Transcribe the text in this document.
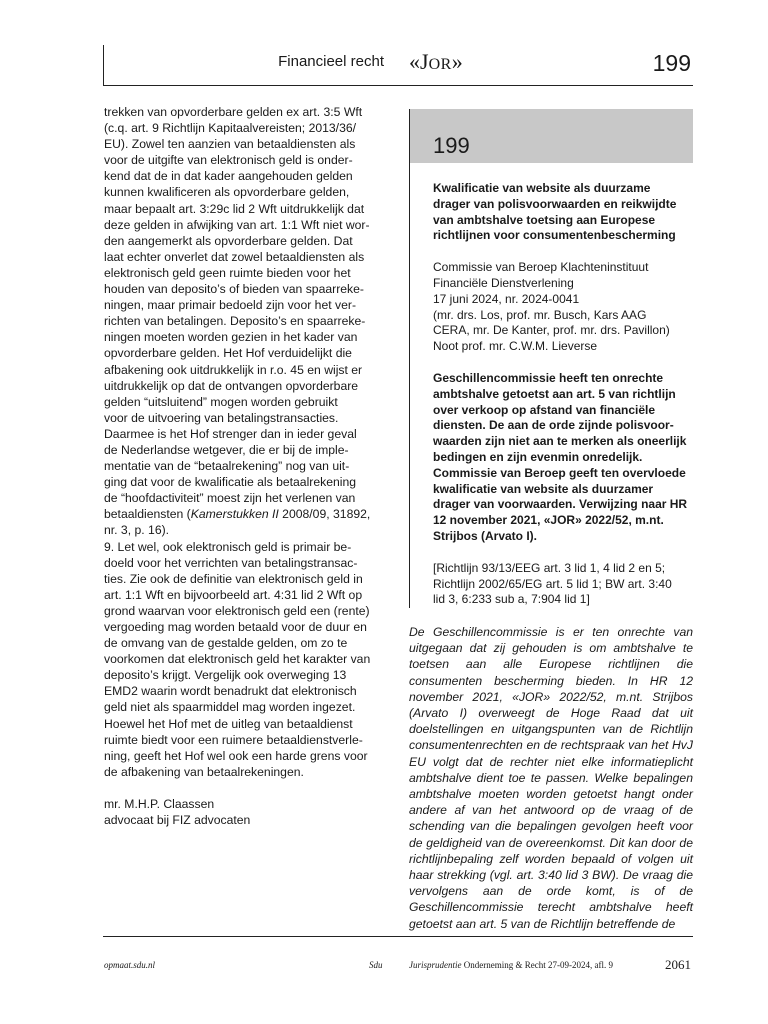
Financieel recht «JOR»	199

trekken van opvorderbare gelden ex art. 3:5 Wft

(c.q. art. 9 Richtlijn Kapitaalvereisten; 2013/36/

EU). Zowel ten aanzien van betaaldiensten als

voor de uitgifte van elektronisch geld is onder-

kend dat de in dat kader aangehouden gelden

kunnen kwalificeren als opvorderbare gelden,

maar bepaalt art. 3:29c lid 2 Wft uitdrukkelijk dat

deze gelden in afwijking van art. 1:1 Wft niet wor-

den aangemerkt als opvorderbare gelden. Dat

laat echter onverlet dat zowel betaaldiensten als

elektronisch geld geen ruimte bieden voor het

houden van deposito’s of bieden van spaarreke-

ningen, maar primair bedoeld zijn voor het ver-

richten van betalingen. Deposito’s en spaarreke-

ningen moeten worden gezien in het kader van

opvorderbare gelden. Het Hof verduidelijkt die

afbakening ook uitdrukkelijk in r.o. 45 en wijst er

uitdrukkelijk op dat de ontvangen opvorderbare

gelden “uitsluitend” mogen worden gebruikt

voor de uitvoering van betalingstransacties.

Daarmee is het Hof strenger dan in ieder geval

de Nederlandse wetgever, die er bij de imple-

mentatie van de “betaalrekening” nog van uit-

ging dat voor de kwalificatie als betaalrekening

de “hoofdactiviteit” moest zijn het verlenen van

betaaldiensten (Kamerstukken II 2008/09, 31892,

nr. 3, p. 16).

9. Let wel, ook elektronisch geld is primair be-

doeld voor het verrichten van betalingstransac-

ties. Zie ook de definitie van elektronisch geld in

art. 1:1 Wft en bijvoorbeeld art. 4:31 lid 2 Wft op

grond waarvan voor elektronisch geld een (rente)

vergoeding mag worden betaald voor de duur en

de omvang van de gestalde gelden, om zo te

voorkomen dat elektronisch geld het karakter van

deposito’s krijgt. Vergelijk ook overweging 13

EMD2 waarin wordt benadrukt dat elektronisch

geld niet als spaarmiddel mag worden ingezet.

Hoewel het Hof met de uitleg van betaaldienst

ruimte biedt voor een ruimere betaaldienstverle-

ning, geeft het Hof wel ook een harde grens voor

de afbakening van betaalrekeningen.

mr. M.H.P. Claassen

advocaat bij FIZ advocaten

199

Kwalificatie van website als duurzame

drager van polisvoorwaarden en reikwijdte

van ambtshalve toetsing aan Europese

richtlijnen voor consumentenbescherming

Commissie van Beroep Klachteninstituut

Financiële Dienstverlening

17 juni 2024, nr. 2024-0041

(mr. drs. Los, prof. mr. Busch, Kars AAG

CERA, mr. De Kanter, prof. mr. drs. Pavillon)

Noot prof. mr. C.W.M. Lieverse

Geschillencommissie heeft ten onrechte

ambtshalve getoetst aan art. 5 van richtlijn

over verkoop op afstand van financiële

diensten. De aan de orde zijnde polisvoor-

waarden zijn niet aan te merken als oneerlijk

bedingen en zijn evenmin onredelijk.

Commissie van Beroep geeft ten overvloede

kwalificatie van website als duurzamer

drager van voorwaarden. Verwijzing naar HR

12 november 2021, «JOR» 2022/52, m.nt.

Strijbos (Arvato I).

[Richtlijn 93/13/EEG art. 3 lid 1, 4 lid 2 en 5;

Richtlijn 2002/65/EG art. 5 lid 1; BW art. 3:40

lid 3, 6:233 sub a, 7:904 lid 1]

De Geschillencommissie is er ten onrechte van uitgegaan dat zij gehouden is om ambtshalve te toetsen aan alle Europese richtlijnen die consumenten bescherming bieden. In HR 12 november 2021, «JOR» 2022/52, m.nt. Strijbos (Arvato I) overweegt de Hoge Raad dat uit doelstellingen en uitgangspunten van de Richtlijn consumentenrechten en de rechtspraak van het HvJ EU volgt dat de rechter niet elke informatieplicht ambtshalve dient toe te passen. Welke bepalingen ambtshalve moeten worden getoetst hangt onder andere af van het antwoord op de vraag of de schending van die bepalingen gevolgen heeft voor de geldigheid van de overeenkomst. Dit kan door de richtlijnbepaling zelf worden bepaald of volgen uit haar strekking (vgl. art. 3:40 lid 3 BW). De vraag die vervolgens aan de orde komt, is of de Geschillencommissie terecht ambtshalve heeft getoetst aan art. 5 van de Richtlijn betreffende de

opmaat.sdu.nl	Sdu	Jurisprudentie Onderneming & Recht 27-09-2024, afl. 9	2061
